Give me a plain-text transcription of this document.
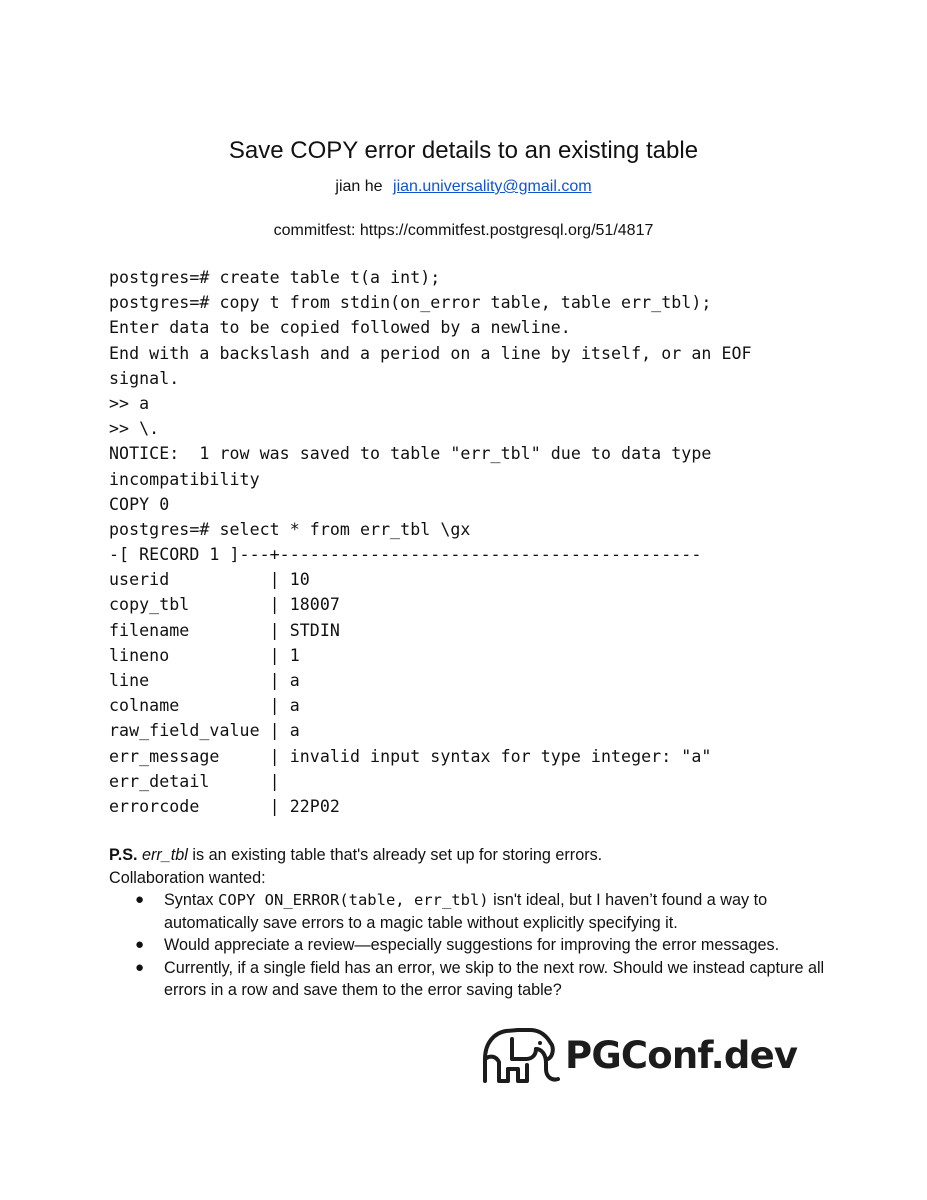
Save COPY error details to an existing table
jian he jian.universality@gmail.com
commitfest: https://commitfest.postgresql.org/51/4817
postgres=# create table t(a int);
postgres=# copy t from stdin(on_error table, table err_tbl);
Enter data to be copied followed by a newline.
End with a backslash and a period on a line by itself, or an EOF
signal.
>> a
>> \.
NOTICE:  1 row was saved to table "err_tbl" due to data type
incompatibility
COPY 0
postgres=# select * from err_tbl \gx
-[ RECORD 1 ]---+------------------------------------------
userid          | 10
copy_tbl        | 18007
filename        | STDIN
lineno          | 1
line            | a
colname         | a
raw_field_value | a
err_message     | invalid input syntax for type integer: "a"
err_detail      |
errorcode       | 22P02

P.S. err_tbl is an existing table that's already set up for storing errors.

Collaboration wanted:

● Syntax COPY ON_ERROR(table, err_tbl) isn't ideal, but I haven’t found a way to automatically save errors to a magic table without explicitly specifying it.
● Would appreciate a review—especially suggestions for improving the error messages.
● Currently, if a single field has an error, we skip to the next row. Should we instead capture all errors in a row and save them to the error saving table?
PGConf.dev
